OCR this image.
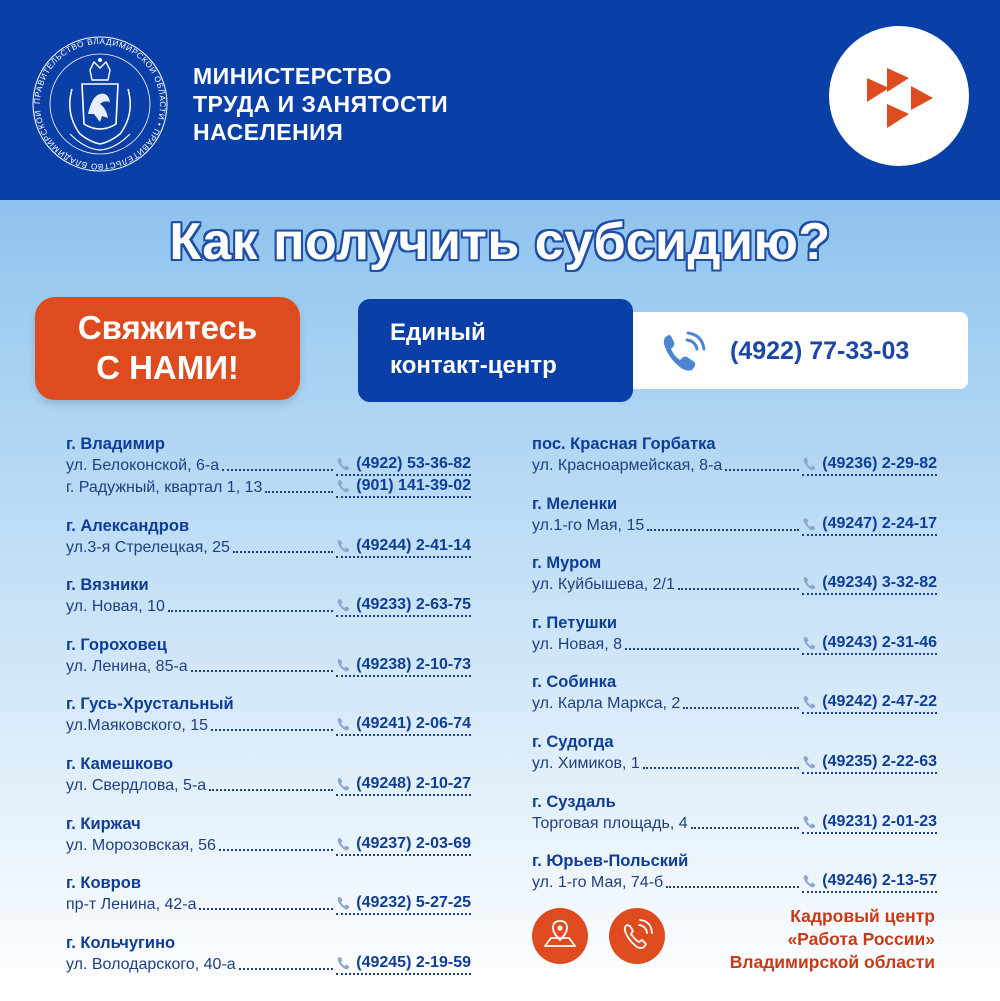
ПРАВИТЕЛЬСТВО ВЛАДИМИРСКОЙ ОБЛАСТИ • ПРАВИТЕЛЬСТВО ВЛАДИМИРСКОЙ
МИНИСТЕРСТВО
ТРУДА И ЗАНЯТОСТИ
НАСЕЛЕНИЯ
Как получить субсидию?
Свяжитесь
С НАМИ!
Единый
контакт-центр
(4922) 77-33-03
г. Владимир
ул. Белоконской, 6-а	(4922) 53-36-82
г. Радужный, квартал 1, 13	(901) 141-39-02
г. Александров
ул.3-я Стрелецкая, 25	(49244) 2-41-14
г. Вязники
ул. Новая, 10	(49233) 2-63-75
г. Гороховец
ул. Ленина, 85-а	(49238) 2-10-73
г. Гусь-Хрустальный
ул.Маяковского, 15	(49241) 2-06-74
г. Камешково
ул. Свердлова, 5-а	(49248) 2-10-27
г. Киржач
ул. Морозовская, 56	(49237) 2-03-69
г. Ковров
пр-т Ленина, 42-а	(49232) 5-27-25
г. Кольчугино
ул. Володарского, 40-а	(49245) 2-19-59
пос. Красная Горбатка
ул. Красноармейская, 8-а	(49236) 2-29-82
г. Меленки
ул.1-го Мая, 15	(49247) 2-24-17
г. Муром
ул. Куйбышева, 2/1	(49234) 3-32-82
г. Петушки
ул. Новая, 8	(49243) 2-31-46
г. Собинка
ул. Карла Маркса, 2	(49242) 2-47-22
г. Судогда
ул. Химиков, 1	(49235) 2-22-63
г. Суздаль
Торговая площадь, 4	(49231) 2-01-23
г. Юрьев-Польский
ул. 1-го Мая, 74-б	(49246) 2-13-57
Кадровый центр
«Работа России»
Владимирской области
